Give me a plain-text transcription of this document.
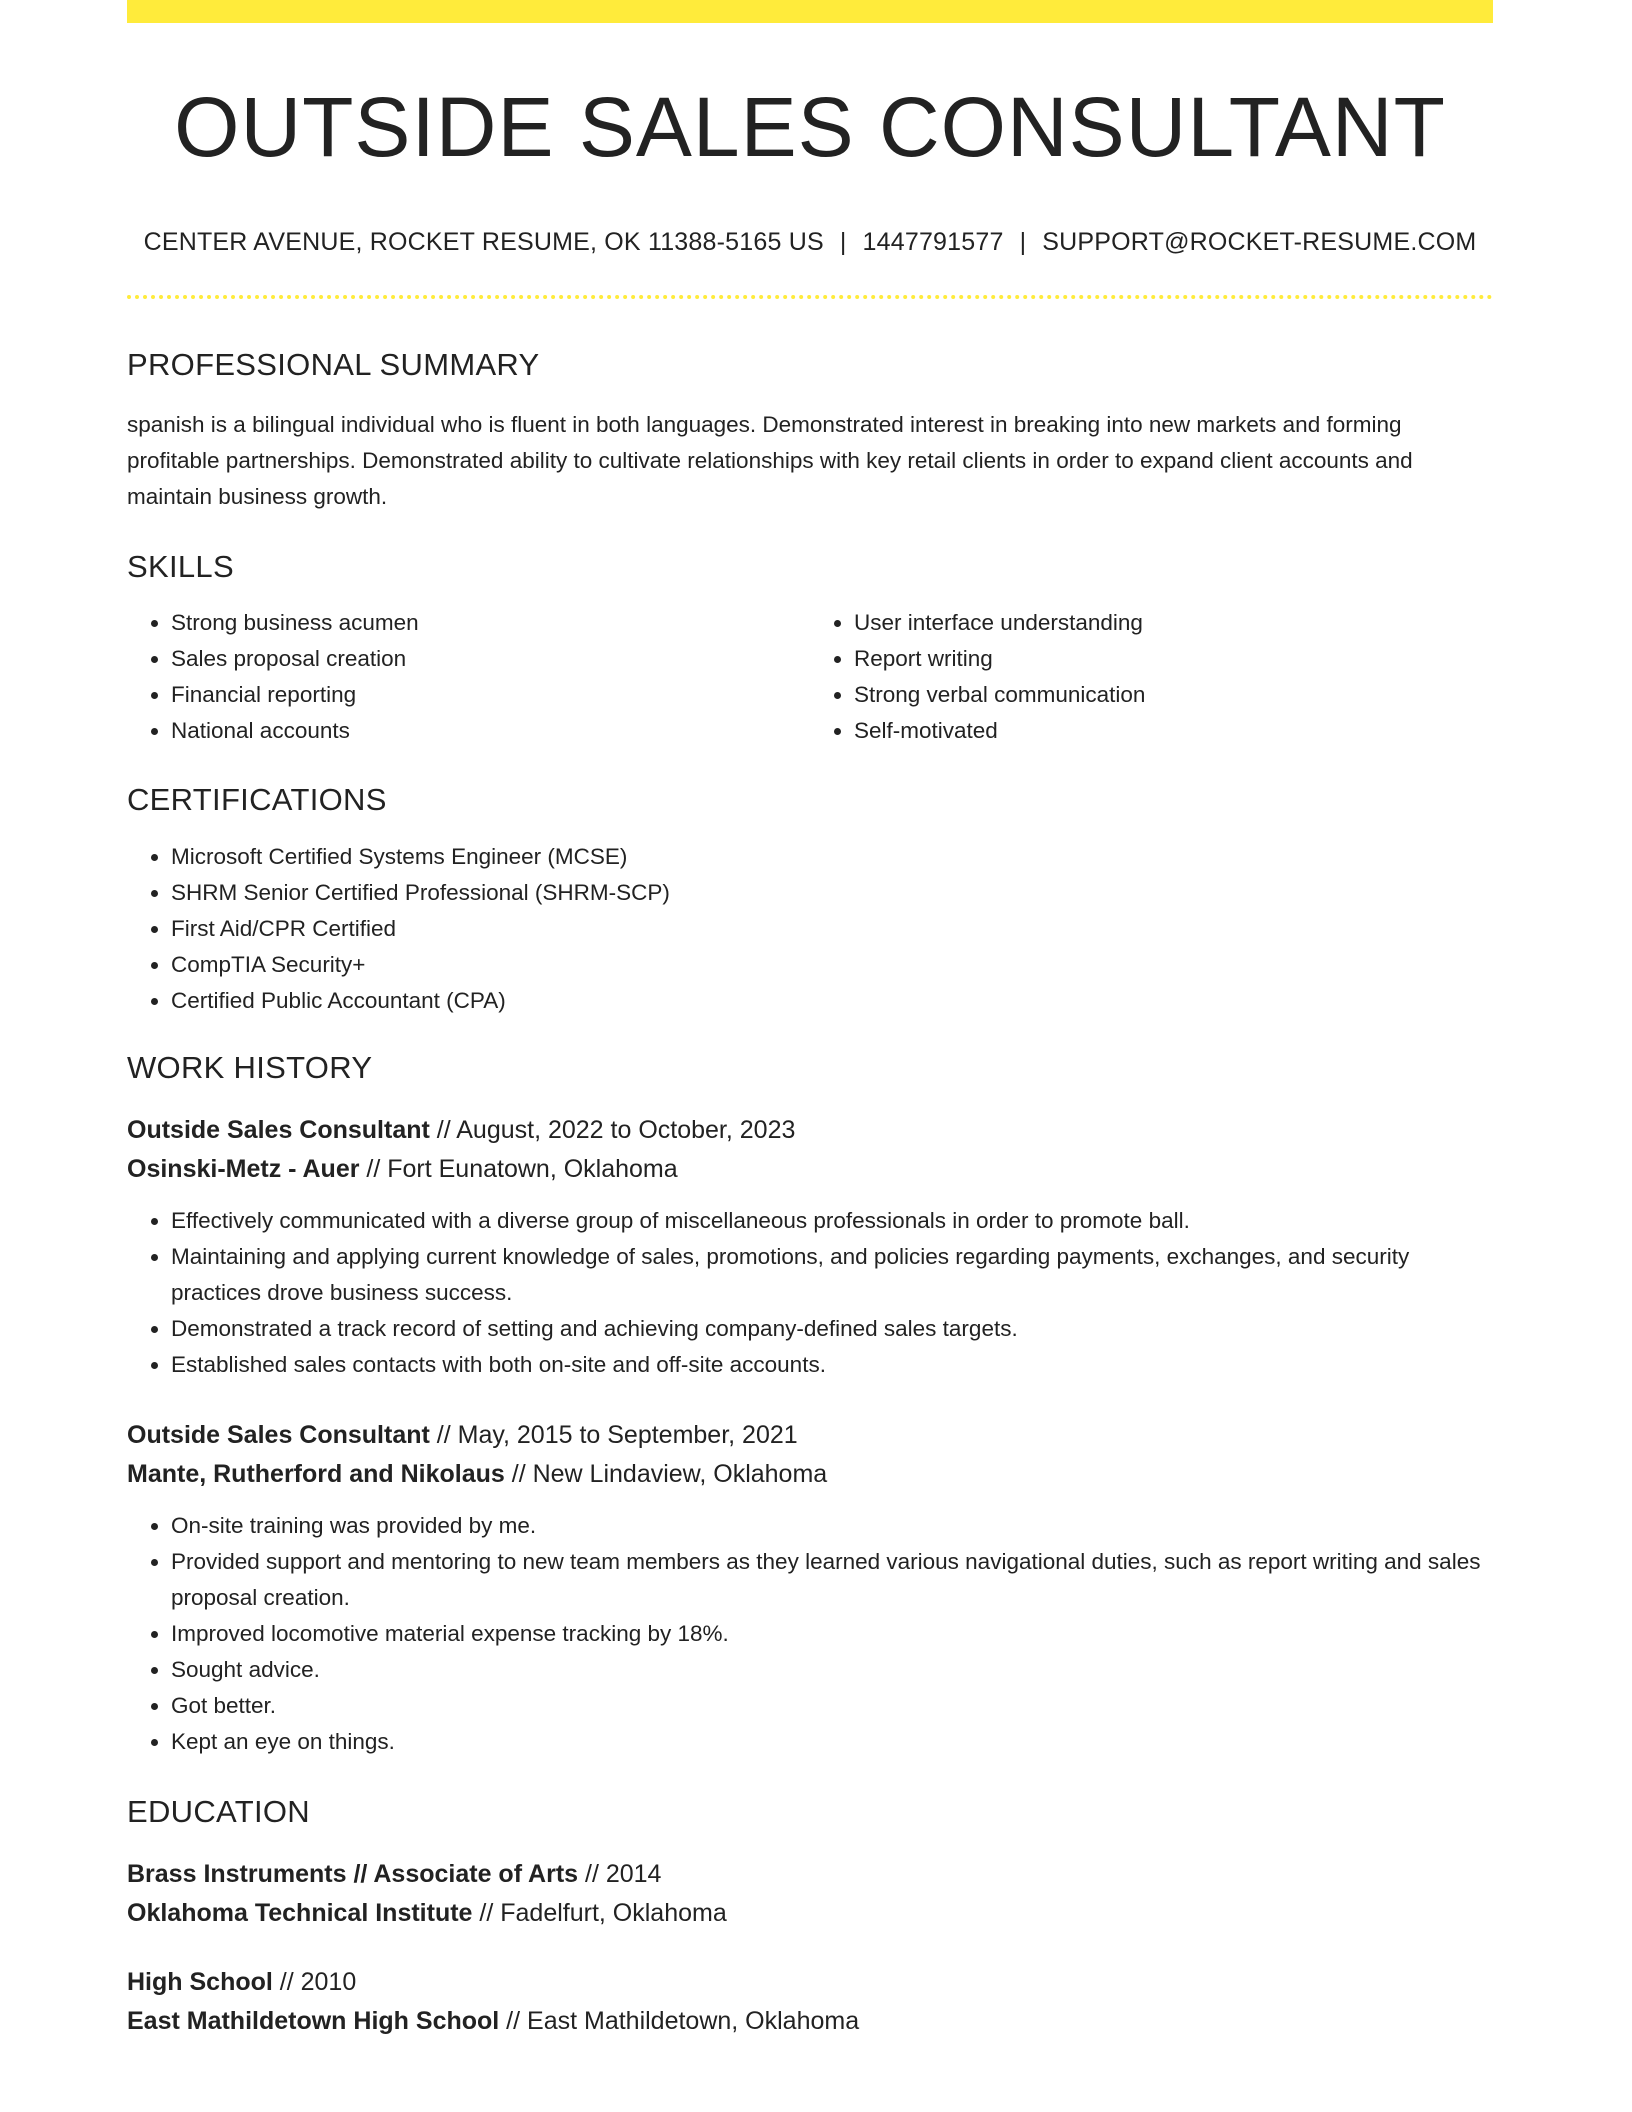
OUTSIDE SALES CONSULTANT
CENTER AVENUE, ROCKET RESUME, OK 11388-5165 US | 1447791577 | SUPPORT@ROCKET-RESUME.COM
PROFESSIONAL SUMMARY
spanish is a bilingual individual who is fluent in both languages. Demonstrated interest in breaking into new markets and forming profitable partnerships. Demonstrated ability to cultivate relationships with key retail clients in order to expand client accounts and maintain business growth.
SKILLS
• Strong business acumen
• Sales proposal creation
• Financial reporting
• National accounts
• User interface understanding
• Report writing
• Strong verbal communication
• Self-motivated
CERTIFICATIONS
• Microsoft Certified Systems Engineer (MCSE)
• SHRM Senior Certified Professional (SHRM-SCP)
• First Aid/CPR Certified
• CompTIA Security+
• Certified Public Accountant (CPA)
WORK HISTORY
Outside Sales Consultant // August, 2022 to October, 2023
Osinski-Metz - Auer // Fort Eunatown, Oklahoma
• Effectively communicated with a diverse group of miscellaneous professionals in order to promote ball.
• Maintaining and applying current knowledge of sales, promotions, and policies regarding payments, exchanges, and security practices drove business success.
• Demonstrated a track record of setting and achieving company-defined sales targets.
• Established sales contacts with both on-site and off-site accounts.
Outside Sales Consultant // May, 2015 to September, 2021
Mante, Rutherford and Nikolaus // New Lindaview, Oklahoma
• On-site training was provided by me.
• Provided support and mentoring to new team members as they learned various navigational duties, such as report writing and sales proposal creation.
• Improved locomotive material expense tracking by 18%.
• Sought advice.
• Got better.
• Kept an eye on things.
EDUCATION
Brass Instruments // Associate of Arts // 2014
Oklahoma Technical Institute // Fadelfurt, Oklahoma
High School // 2010
East Mathildetown High School // East Mathildetown, Oklahoma
